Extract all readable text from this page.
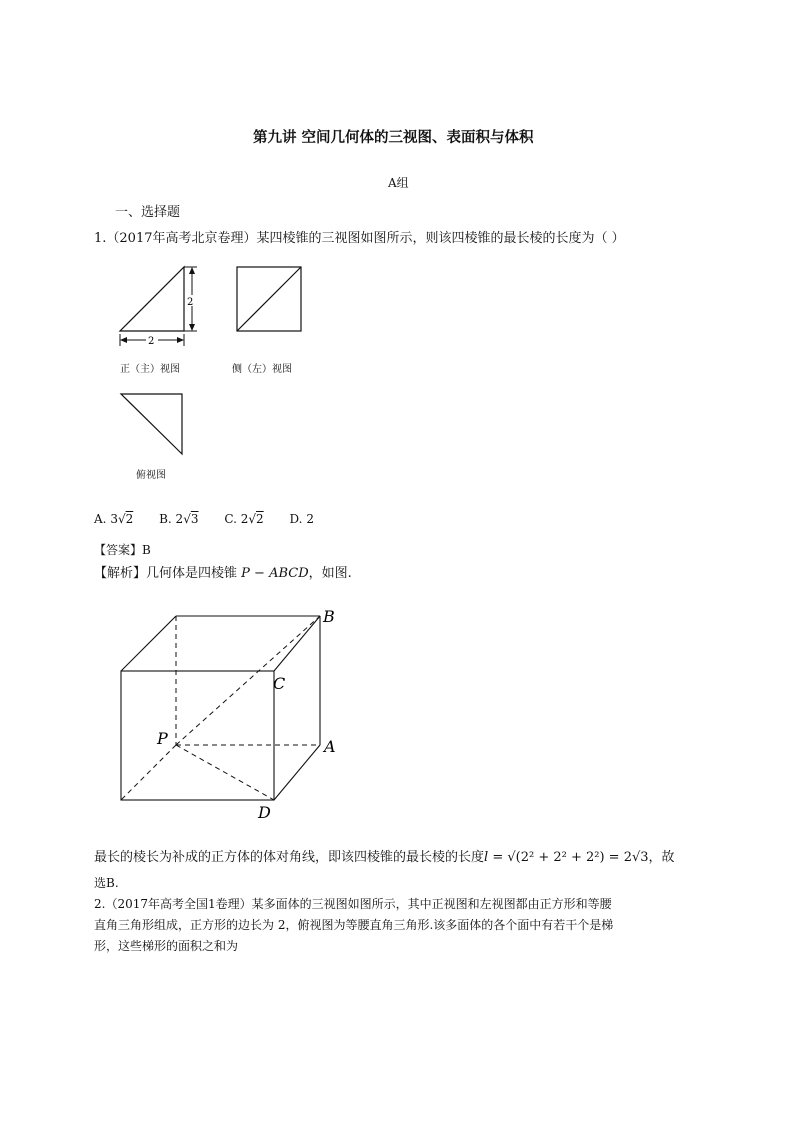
第九讲 空间几何体的三视图、表面积与体积
A组
一、选择题
1.（2017年高考北京卷理）某四棱锥的三视图如图所示，则该四棱锥的最长棱的长度为（ ）
2
2
正（主）视图	侧（左）视图
俯视图
A. 3√2 B. 2√3 C. 2√2 D. 2
【答案】B
【解析】几何体是四棱锥 P − ABCD，如图.
B
C
P	A
D
最长的棱长为补成的正方体的体对角线，即该四棱锥的最长棱的长度l = √(2² + 2² + 2²) = 2√3，故
选B.
2.（2017年高考全国1卷理）某多面体的三视图如图所示，其中正视图和左视图都由正方形和等腰
直角三角形组成，正方形的边长为 2，俯视图为等腰直角三角形.该多面体的各个面中有若干个是梯
形，这些梯形的面积之和为
